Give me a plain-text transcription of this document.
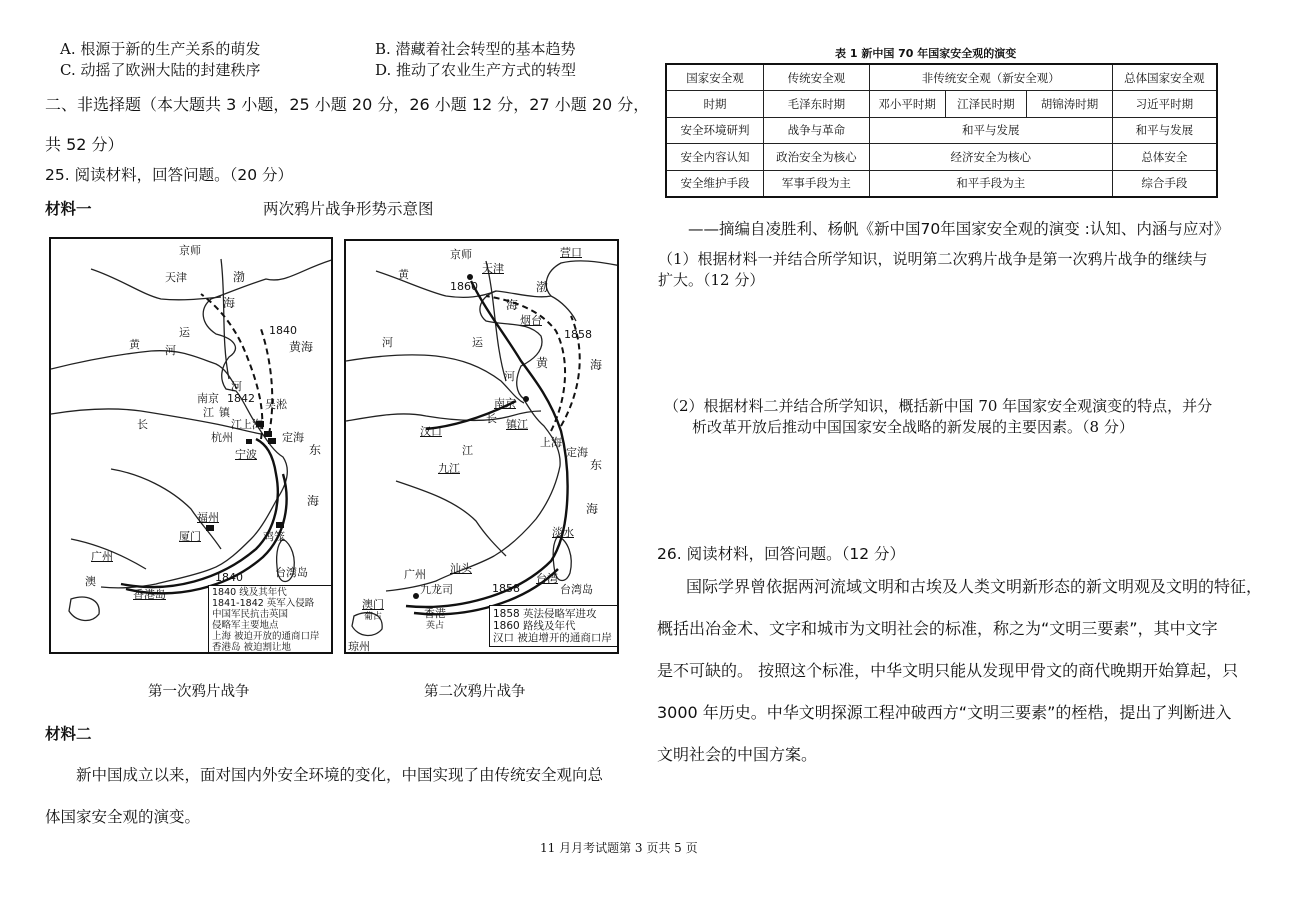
A. 根源于新的生产关系的萌发	B. 潜藏着社会转型的基本趋势
C. 动摇了欧洲大陆的封建秩序	D. 推动了农业生产方式的转型
二、非选择题（本大题共 3 小题，25 小题 20 分，26 小题 12 分，27 小题 20 分，
共 52 分）
25. 阅读材料，回答问题。（20 分）
材料一	两次鸦片战争形势示意图
京师
天津	渤
海
运	1840
黄 河	黄海
河
南京 1842
江 镇
江
吴淞
上海
杭州	定海
宁波
长
东
海
福州
厦门	鸡笼
广州
澳	1840	台湾岛
香港岛	1840 线及其年代
1841-1842 英军入侵路
中国军民抗击英国
侵略军主要地点
上海 被迫开放的通商口岸
香港岛 被迫割让地
京师
天津
营口
1860
黄
渤
海
烟台
河	运
1858
黄	海
河
南京
长 镇江
汉口
江
上海
定海
九江	东
海
淡水
广州 汕头
九龙司	1858
台湾
台湾岛
澳门
葡占	香港
英占
琼州
1858 英法侵略军进攻
1860 路线及年代
汉口 被迫增开的通商口岸
第一次鸦片战争	第二次鸦片战争
材料二
新中国成立以来，面对国内外安全环境的变化，中国实现了由传统安全观向总
体国家安全观的演变。
表 1 新中国 70 年国家安全观的演变
国家安全观	传统安全观	非传统安全观（新安全观）			总体国家安全观
时期	毛泽东时期	邓小平时期	江泽民时期	胡锦涛时期	习近平时期
安全环境研判	战争与革命	和平与发展			和平与发展
安全内容认知	政治安全为核心	经济安全为核心			总体安全
安全维护手段	军事手段为主	和平手段为主			综合手段
——摘编自凌胜利、杨帆《新中国70年国家安全观的演变 :认知、内涵与应对》
（1）根据材料一并结合所学知识，说明第二次鸦片战争是第一次鸦片战争的继续与
扩大。（12 分）
（2）根据材料二并结合所学知识，概括新中国 70 年国家安全观演变的特点，并分
析改革开放后推动中国国家安全战略的新发展的主要因素。（8 分）
26. 阅读材料，回答问题。（12 分）
国际学界曾依据两河流域文明和古埃及人类文明新形态的新文明观及文明的特征，
概括出冶金术、文字和城市为文明社会的标准，称之为“文明三要素”，其中文字
是不可缺的。 按照这个标准，中华文明只能从发现甲骨文的商代晚期开始算起，只
3000 年历史。中华文明探源工程冲破西方“文明三要素”的桎梏，提出了判断进入
文明社会的中国方案。
11 月月考试题第 3 页共 5 页
